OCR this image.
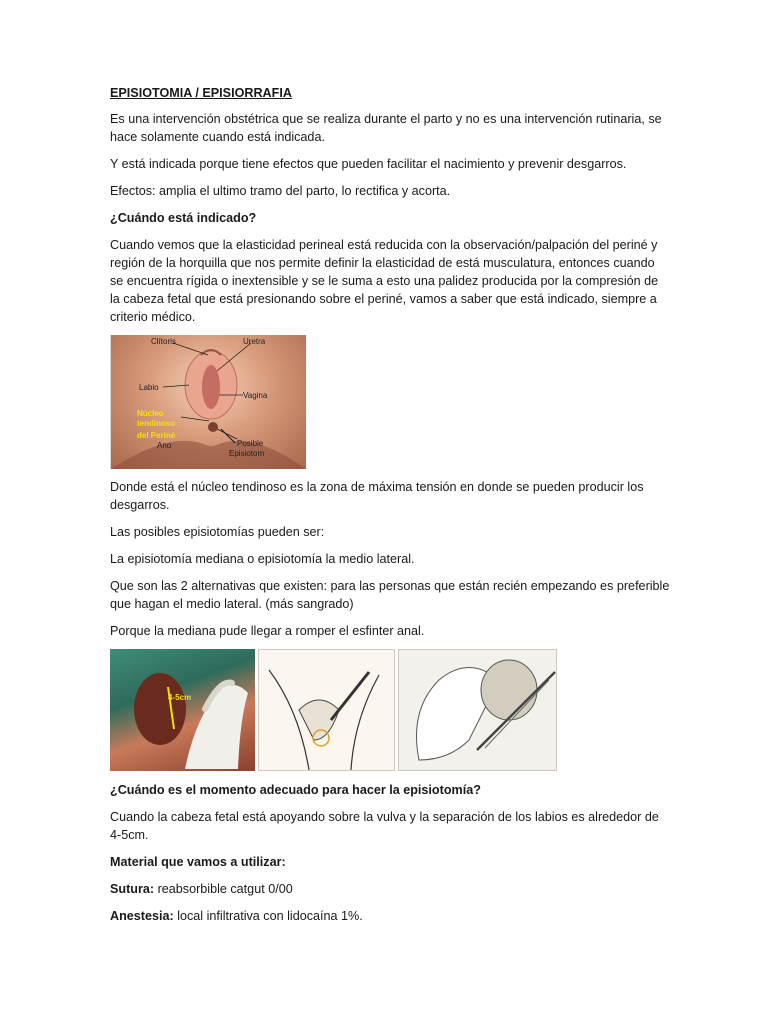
EPISIOTOMIA / EPISIORRAFIA

Es una intervención obstétrica que se realiza durante el parto y no es una intervención rutinaria, se hace solamente cuando está indicada.

Y está indicada porque tiene efectos que pueden facilitar el nacimiento y prevenir desgarros.

Efectos: amplia el ultimo tramo del parto, lo rectifica y acorta.

¿Cuándo está indicado?

Cuando vemos que la elasticidad perineal está reducida con la observación/palpación del periné y región de la horquilla que nos permite definir la elasticidad de está musculatura, entonces cuando se encuentra rígida o inextensible y se le suma a esto una palidez producida por la compresión de la cabeza fetal que está presionando sobre el periné, vamos a saber que está indicado, siempre a criterio médico.

Clítoris	Uretra
Labio
Vagina
Núcleo
tendinoso
del Periné
Ano	Posible
Episiotom

Donde está el núcleo tendinoso es la zona de máxima tensión en donde se pueden producir los desgarros.

Las posibles episiotomías pueden ser:

La episiotomía mediana o episiotomía la medio lateral.

Que son las 2 alternativas que existen: para las personas que están recién empezando es preferible que hagan el medio lateral. (más sangrado)

Porque la mediana pude llegar a romper el esfinter anal.

4-5cm

¿Cuándo es el momento adecuado para hacer la episiotomía?

Cuando la cabeza fetal está apoyando sobre la vulva y la separación de los labios es alrededor de 4-5cm.

Material que vamos a utilizar:

Sutura: reabsorbible catgut 0/00

Anestesia: local infiltrativa con lidocaína 1%.
